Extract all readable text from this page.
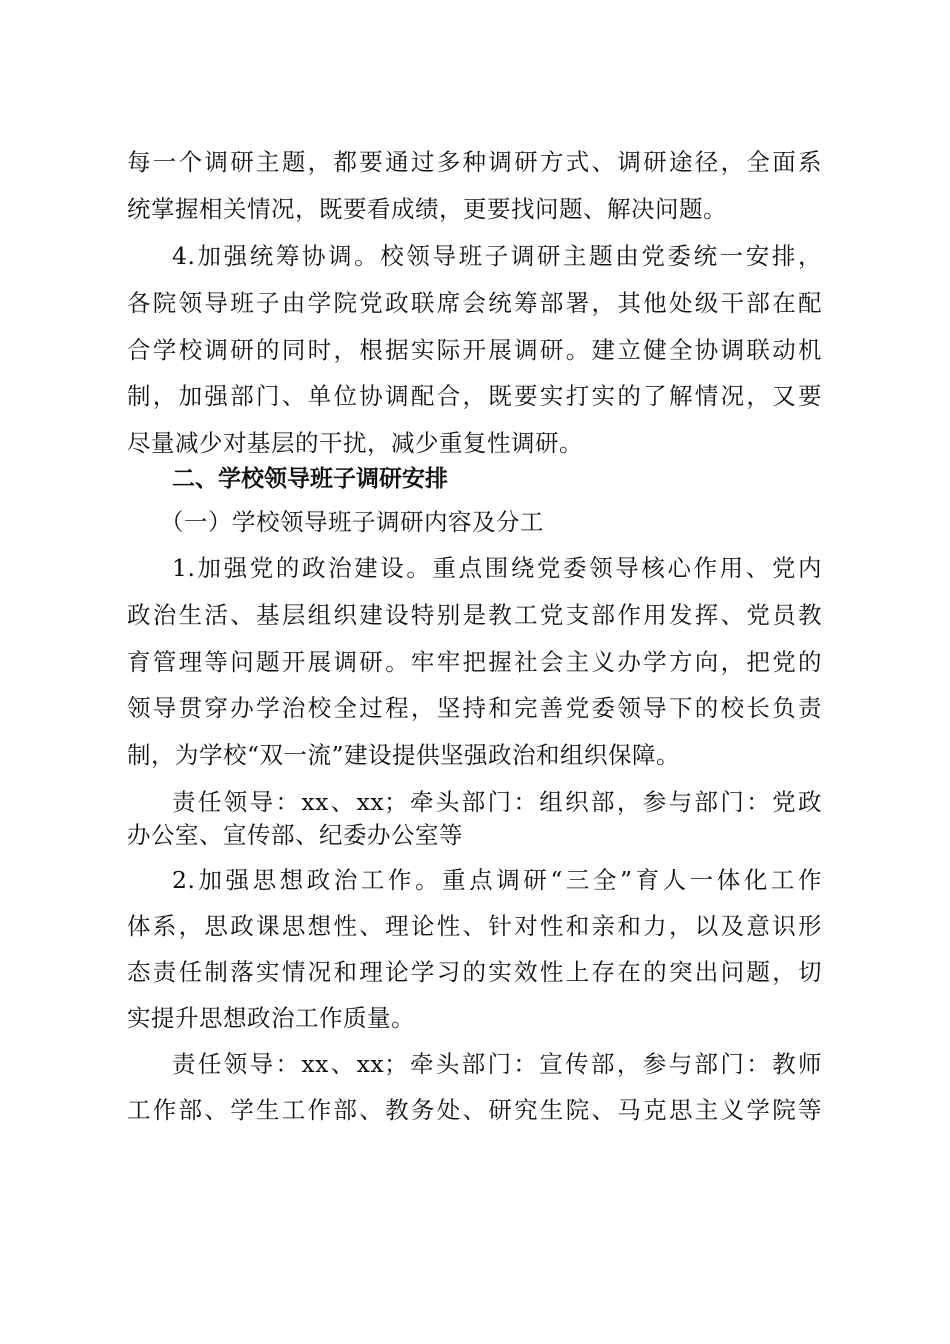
每一个调研主题，都要通过多种调研方式、调研途径，全面系
统掌握相关情况，既要看成绩，更要找问题、解决问题。
4.加强统筹协调。校领导班子调研主题由党委统一安排，
各院领导班子由学院党政联席会统筹部署，其他处级干部在配
合学校调研的同时，根据实际开展调研。建立健全协调联动机
制，加强部门、单位协调配合，既要实打实的了解情况，又要
尽量减少对基层的干扰，减少重复性调研。
二、学校领导班子调研安排
（一）学校领导班子调研内容及分工
1.加强党的政治建设。重点围绕党委领导核心作用、党内
政治生活、基层组织建设特别是教工党支部作用发挥、党员教
育管理等问题开展调研。牢牢把握社会主义办学方向，把党的
领导贯穿办学治校全过程，坚持和完善党委领导下的校长负责
制，为学校“双一流”建设提供坚强政治和组织保障。
责任领导：xx、xx；牵头部门：组织部，参与部门：党政
办公室、宣传部、纪委办公室等
2.加强思想政治工作。重点调研“三全”育人一体化工作
体系，思政课思想性、理论性、针对性和亲和力，以及意识形
态责任制落实情况和理论学习的实效性上存在的突出问题，切
实提升思想政治工作质量。
责任领导：xx、xx；牵头部门：宣传部，参与部门：教师
工作部、学生工作部、教务处、研究生院、马克思主义学院等
